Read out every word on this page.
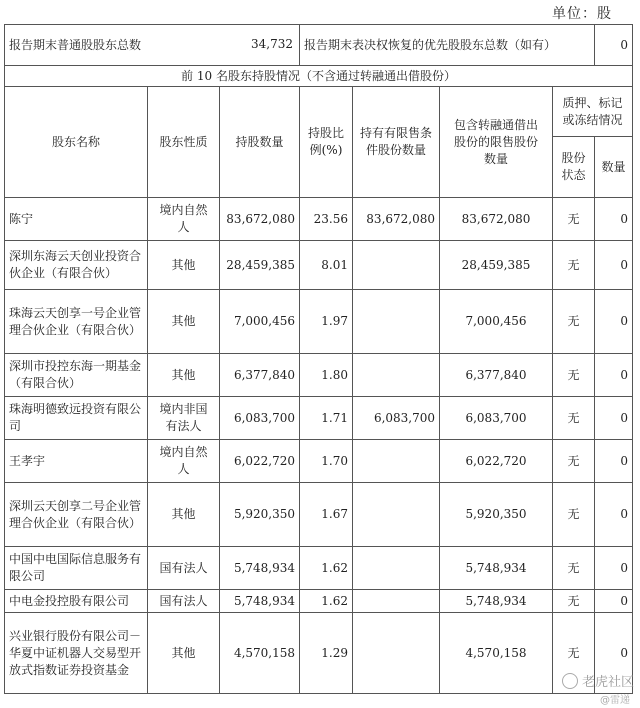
单位：股
报告期末普通股股东总数 34,732			报告期末表决权恢复的优先股股东总数（如有）				0
前 10 名股东持股情况（不含通过转融通出借股份）							
股东名称	股东性质	持股数量	持股比例(%)	持有有限售条件股份数量	包含转融通借出股份的限售股份数量	质押、标记或冻结情况	
						股份状态	数量
陈宁	境内自然人	83,672,080	23.56	83,672,080	83,672,080	无	0
深圳东海云天创业投资合伙企业（有限合伙）	其他	28,459,385	8.01		28,459,385	无	0
珠海云天创享一号企业管理合伙企业（有限合伙）	其他	7,000,456	1.97		7,000,456	无	0
深圳市投控东海一期基金（有限合伙）	其他	6,377,840	1.80		6,377,840	无	0
珠海明德致远投资有限公司	境内非国有法人	6,083,700	1.71	6,083,700	6,083,700	无	0
王孝宇	境内自然人	6,022,720	1.70		6,022,720	无	0
深圳云天创享二号企业管理合伙企业（有限合伙）	其他	5,920,350	1.67		5,920,350	无	0
中国中电国际信息服务有限公司	国有法人	5,748,934	1.62		5,748,934	无	0
中电金投控股有限公司	国有法人	5,748,934	1.62		5,748,934	无	0
兴业银行股份有限公司－华夏中证机器人交易型开放式指数证券投资基金	其他	4,570,158	1.29		4,570,158	无	0
老虎社区
@雷递
